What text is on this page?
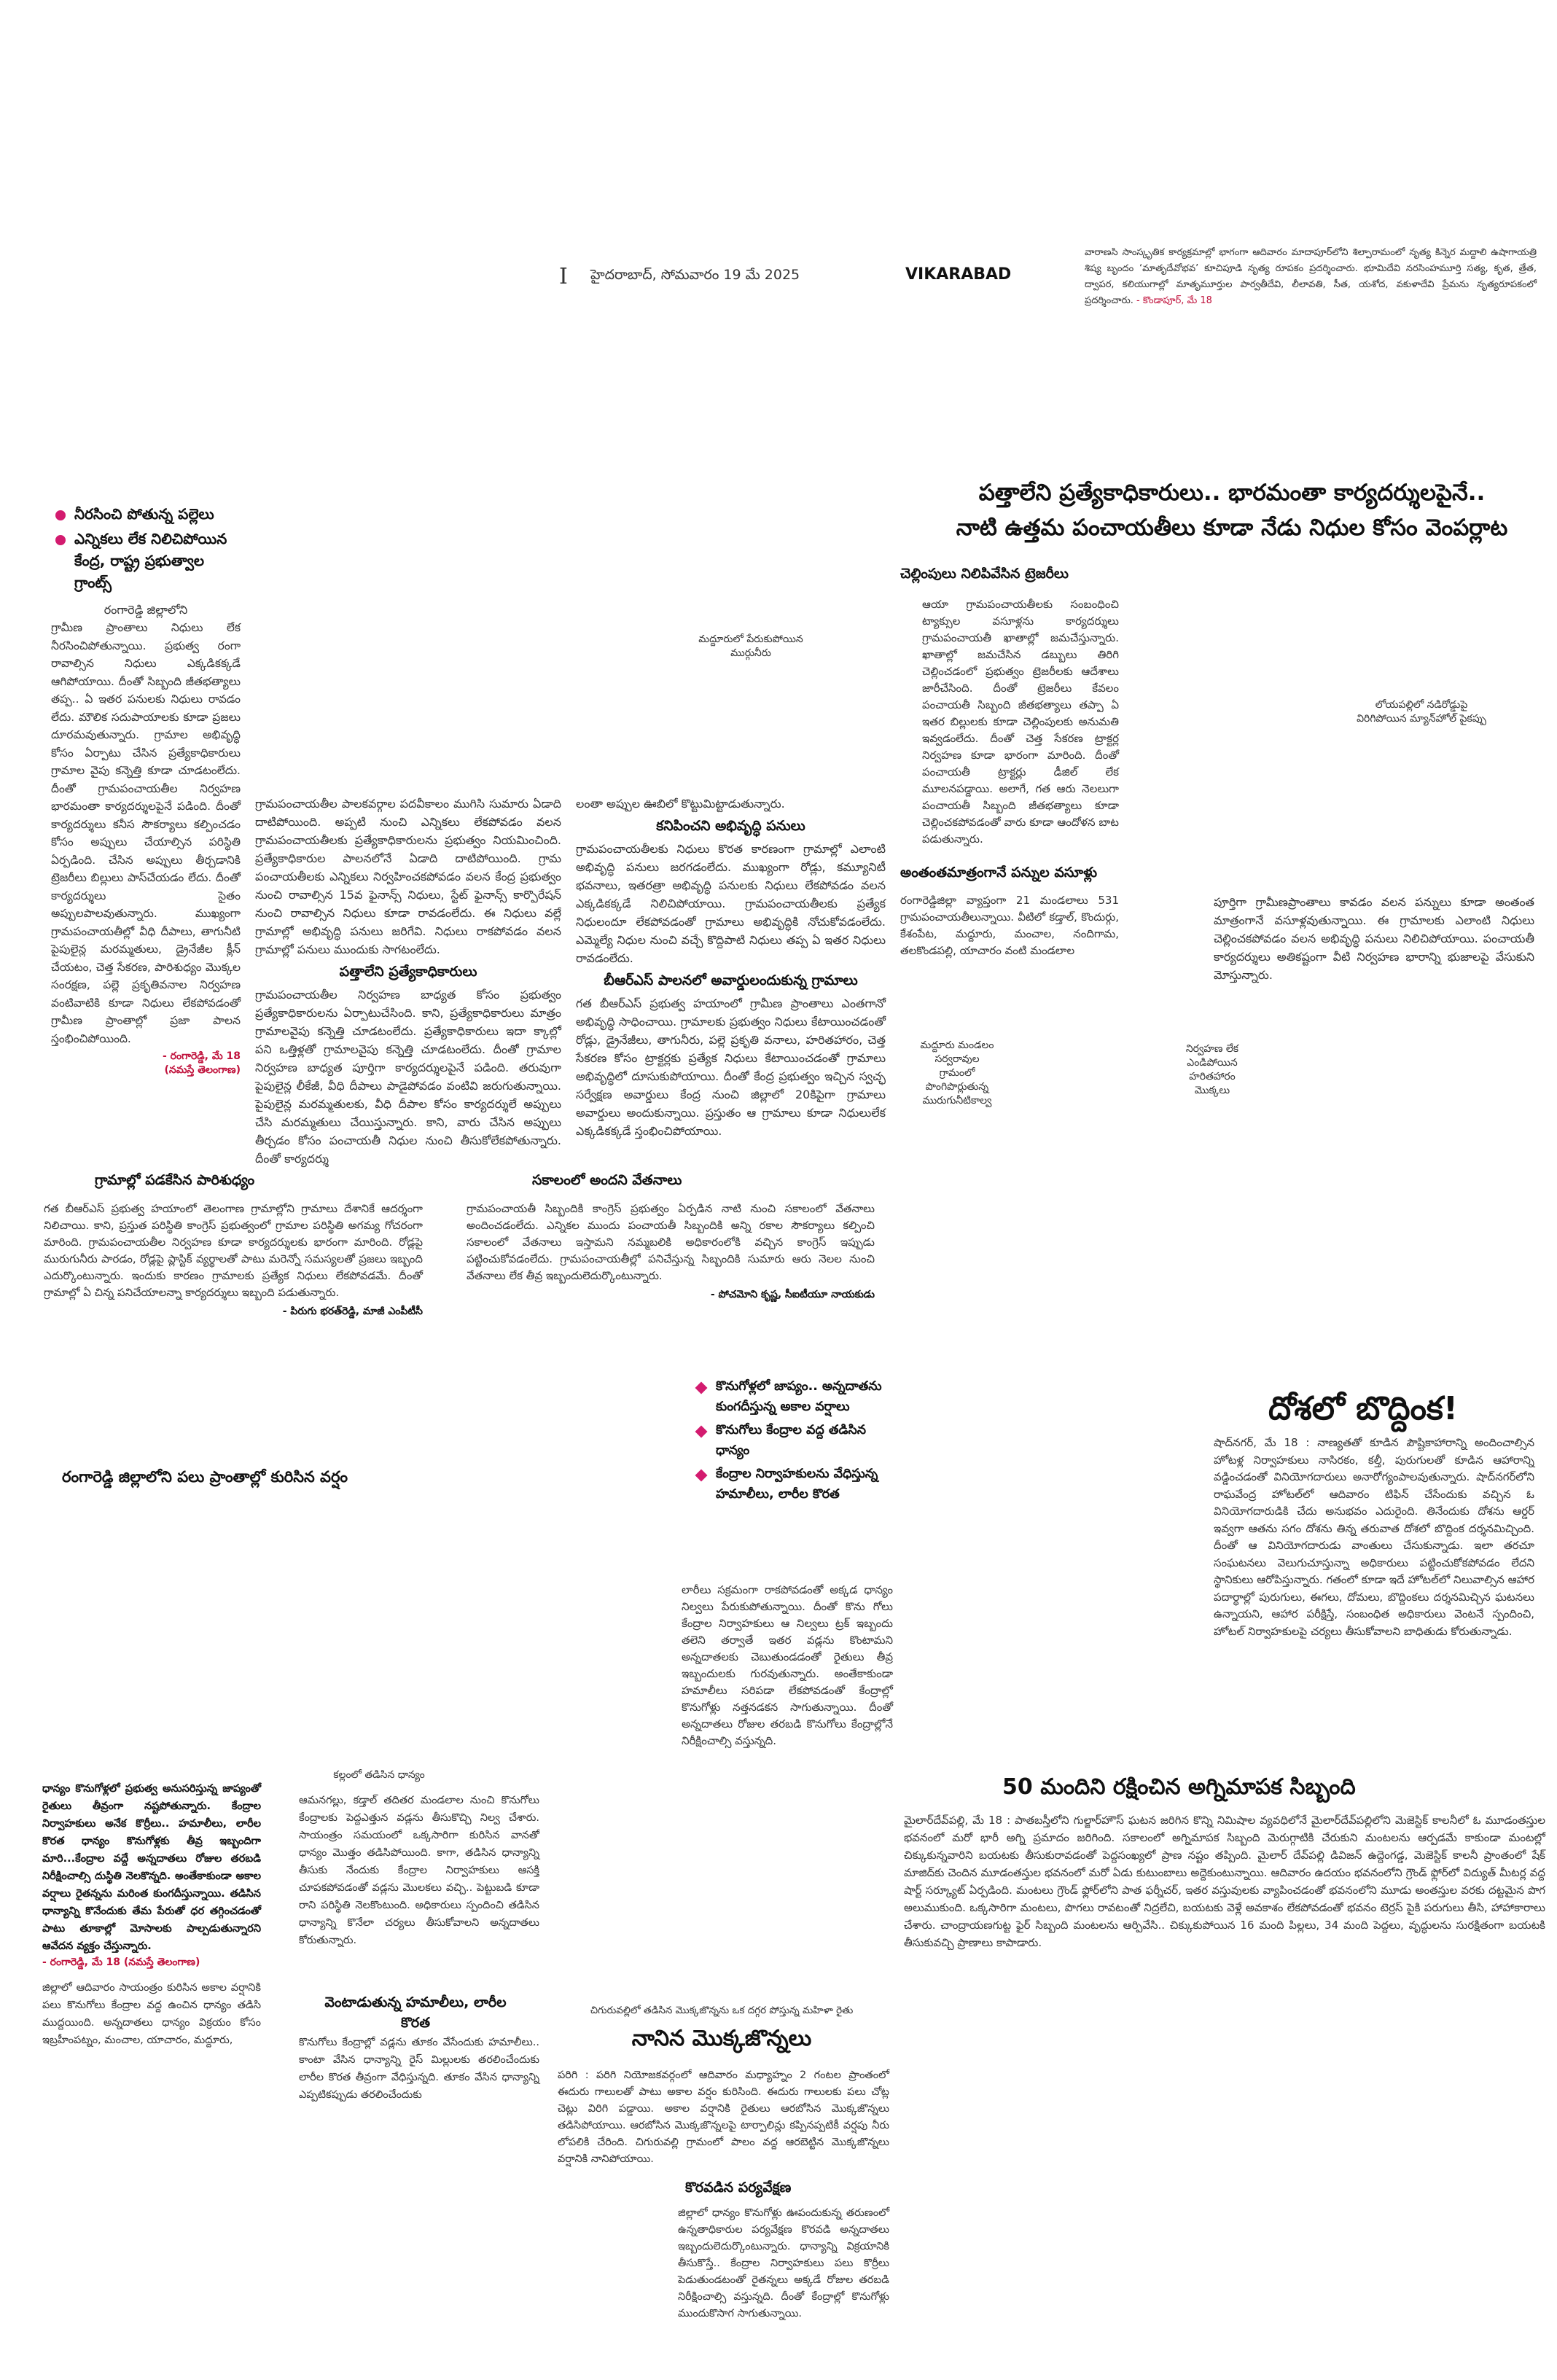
I హైదరాబాద్, సోమవారం 19 మే 2025	VIKARABAD
వారాణసి సాంస్కృతిక కార్యక్రమాల్లో భాగంగా ఆదివారం మాదాపూర్‌లోని శిల్పారామంలో నృత్య కిన్నెర మద్దాలి ఉషాగాయత్రి శిష్య బృందం ‘మాతృదేవోభవ’ కూచిపూడి నృత్య రూపకం ప్రదర్శించారు. భూమిదేవి నరసింహమూర్తి సత్య, కృత, త్రేత, ద్వాపర, కలియుగాల్లో మాతృమూర్తుల పార్వతీదేవి, లీలావతి, సీత, యశోద, వకుళాదేవి ప్రేమను నృత్యరూపకంలో ప్రదర్శించారు. - కొండాపూర్, మే 18
నీరసించి పోతున్న పల్లెలు
ఎన్నికలు లేక నిలిచిపోయిన కేంద్ర, రాష్ట్ర ప్రభుత్వాల గ్రాంట్స్
రంగారెడ్డి జిల్లాలోని
గ్రామీణ ప్రాంతాలు నిధులు లేక నీరసించిపోతున్నాయి. ప్రభుత్వ రంగా రావాల్సిన నిధులు ఎక్కడికక్కడే ఆగిపోయాయి. దీంతో సిబ్బంది జీతభత్యాలు తప్ప.. ఏ ఇతర పనులకు నిధులు రావడం లేదు. మౌలిక సదుపాయాలకు కూడా ప్రజలు దూరమవుతున్నారు. గ్రామాల అభివృద్ధి కోసం ఏర్పాటు చేసిన ప్రత్యేకాధికారులు గ్రామాల వైపు కన్నెత్తి కూడా చూడటంలేదు. దీంతో గ్రామపంచాయతీల నిర్వహణ భారమంతా కార్యదర్శులపైనే పడింది. దీంతో కార్యదర్శులు కనీస సౌకర్యాలు కల్పించడం కోసం అప్పులు చేయాల్సిన పరిస్థితి ఏర్పడింది. చేసిన అప్పులు తీర్చడానికి ట్రెజరీలు బిల్లులు పాస్‌చేయడం లేదు. దీంతో కార్యదర్శులు సైతం అప్పులపాలవుతున్నారు. ముఖ్యంగా గ్రామపంచాయతీల్లో వీధి దీపాలు, తాగునీటి పైపులైన్ల మరమ్మతులు, డ్రైనేజీల క్లీన్ చేయటం, చెత్త సేకరణ, పారిశుధ్యం మొక్కల సంరక్షణ, పల్లె ప్రకృతివనాల నిర్వహణ వంటివాటికి కూడా నిధులు లేకపోవడంతో గ్రామీణ ప్రాంతాల్లో ప్రజా పాలన స్తంభించిపోయింది.
- రంగారెడ్డి, మే 18
(నమస్తే తెలంగాణ)
పత్తాలేని ప్రత్యేకాధికారులు.. భారమంతా కార్యదర్శులపైనే..
నాటి ఉత్తమ పంచాయతీలు కూడా నేడు నిధుల కోసం వెంపర్లాట
మద్దూరులో పేరుకుపోయిన
ముర్గునీరు
లోయపల్లిలో నడిరోడ్డుపై
విరిగిపోయిన మ్యాన్‌హోల్ పైకప్పు

గ్రామపంచాయతీల పాలకవర్గాల పదవీకాలం ముగిసి సుమారు ఏడాది దాటిపోయింది. అప్పటి నుంచి ఎన్నికలు లేకపోవడం వలన గ్రామపంచాయతీలకు ప్రత్యేకాధికారులను ప్రభుత్వం నియమించింది. ప్రత్యేకాధికారుల పాలనలోనే ఏడాది దాటిపోయింది. గ్రామ పంచాయతీలకు ఎన్నికలు నిర్వహించకపోవడం వలన కేంద్ర ప్రభుత్వం నుంచి రావాల్సిన 15వ ఫైనాన్స్ నిధులు, స్టేట్ ఫైనాన్స్ కార్పొరేషన్ నుంచి రావాల్సిన నిధులు కూడా రావడంలేదు. ఈ నిధులు వల్లే గ్రామాల్లో అభివృద్ధి పనులు జరిగేవి. నిధులు రాకపోవడం వలన గ్రామాల్లో పనులు ముందుకు సాగటంలేదు.

పత్తాలేని ప్రత్యేకాధికారులు

గ్రామపంచాయతీల నిర్వహణ బాధ్యత కోసం ప్రభుత్వం ప్రత్యేకాధికారులను ఏర్పాటుచేసింది. కాని, ప్రత్యేకాధికారులు మాత్రం గ్రామాలవైపు కన్నెత్తి చూడటంలేదు. ప్రత్యేకాధికారులు ఇదా క్కాల్లో పని ఒత్తిళ్లతో గ్రామాలవైపు కన్నెత్తి చూడటంలేదు. దీంతో గ్రామాల నిర్వహణ బాధ్యత పూర్తిగా కార్యదర్శులపైనే పడింది. తరువుగా పైపులైన్ల లీకేజీ, వీధి దీపాలు పాడైపోవడం వంటివి జరుగుతున్నాయి. పైపులైన్ల మరమ్మతులకు, వీధి దీపాల కోసం కార్యదర్శులే అప్పులు చేసి మరమ్మతులు చేయిస్తున్నారు. కాని, వారు చేసిన అప్పులు తీర్చడం కోసం పంచాయతీ నిధుల నుంచి తీసుకోలేకపోతున్నారు. దీంతో కార్యదర్శు

లంతా అప్పుల ఊబిలో కొట్టుమిట్టాడుతున్నారు.

కనిపించని అభివృద్ధి పనులు

గ్రామపంచాయతీలకు నిధులు కొరత కారణంగా గ్రామాల్లో ఎలాంటి అభివృద్ధి పనులు జరగడంలేదు. ముఖ్యంగా రోడ్లు, కమ్యూనిటీ భవనాలు, ఇతరత్రా అభివృద్ధి పనులకు నిధులు లేకపోవడం వలన ఎక్కడికక్కడే నిలిచిపోయాయి. గ్రామపంచాయతీలకు ప్రత్యేక నిధులందూ లేకపోవడంతో గ్రామాలు అభివృద్ధికి నోచుకోవడంలేదు. ఎమ్మెల్యే నిధుల నుంచి వచ్చే కొద్దిపాటి నిధులు తప్ప ఏ ఇతర నిధులు రావడంలేదు.

బీఆర్‌ఎస్ పాలనలో అవార్డులందుకున్న గ్రామాలు

గత బీఆర్‌ఎస్ ప్రభుత్వ హయాంలో గ్రామీణ ప్రాంతాలు ఎంతగానో అభివృద్ధి సాధించాయి. గ్రామాలకు ప్రభుత్వం నిధులు కేటాయించడంతో రోడ్లు, డ్రైనేజీలు, తాగునీరు, పల్లె ప్రకృతి వనాలు, హరితహారం, చెత్త సేకరణ కోసం ట్రాక్టర్లకు ప్రత్యేక నిధులు కేటాయించడంతో గ్రామాలు అభివృద్ధిలో దూసుకుపోయాయి. దీంతో కేంద్ర ప్రభుత్వం ఇచ్చిన స్వచ్ఛ సర్వేక్షణ అవార్డులు కేంద్ర నుంచి జిల్లాలో 20కిపైగా గ్రామాలు అవార్డులు అందుకున్నాయి. ప్రస్తుతం ఆ గ్రామాలు కూడా నిధులులేక ఎక్కడికక్కడే స్తంభించిపోయాయి.

చెల్లింపులు నిలిపివేసిన ట్రెజరీలు

ఆయా గ్రామపంచాయతీలకు సంబంధించి ట్యాక్సుల వసూళ్లను కార్యదర్శులు గ్రామపంచాయతీ ఖాతాల్లో జమచేస్తున్నారు. ఖాతాల్లో జమచేసిన డబ్బులు తిరిగి చెల్లించడంలో ప్రభుత్వం ట్రెజరీలకు ఆదేశాలు జారీచేసింది. దీంతో ట్రెజరీలు కేవలం పంచాయతీ సిబ్బంది జీతభత్యాలు తప్పా ఏ ఇతర బిల్లులకు కూడా చెల్లింపులకు అనుమతి ఇవ్వడంలేదు. దీంతో చెత్త సేకరణ ట్రాక్టర్ల నిర్వహణ కూడా భారంగా మారింది. దీంతో పంచాయతీ ట్రాక్టర్లు డీజిల్ లేక మూలనపడ్డాయి. అలాగే, గత ఆరు నెలలుగా పంచాయతీ సిబ్బంది జీతభత్యాలు కూడా చెల్లించకపోవడంతో వారు కూడా ఆందోళన బాట పడుతున్నారు.

అంతంతమాత్రంగానే పన్నుల వసూళ్లు

రంగారెడ్డిజిల్లా వ్యాప్తంగా 21 మండలాలు 531 గ్రామపంచాయతీలున్నాయి. వీటిలో కడ్తాల్, కొందుర్గు, కేశంపేట, మద్దూరు, మంచాల, నందిగామ, తలకొండపల్లి, యాచారం వంటి మండలాల

పూర్తిగా గ్రామీణప్రాంతాలు కావడం వలన పన్నులు కూడా అంతంత మాత్రంగానే వసూళ్లవుతున్నాయి. ఈ గ్రామాలకు ఎలాంటి నిధులు చెల్లించకపోవడం వలన అభివృద్ధి పనులు నిలిచిపోయాయి. పంచాయతీ కార్యదర్శులు అతికష్టంగా వీటి నిర్వహణ భారాన్ని భుజాలపై వేసుకుని మోస్తున్నారు.

మద్దూరు మండలం
సర్వరావుల
గ్రామంలో
పొంగిపొర్లుతున్న
మురుగునీటికాల్వ
నిర్వహణ లేక
ఎండిపోయిన
హరితహారం
మొక్కలు
గ్రామాల్లో పడకేసిన పారిశుధ్యం
గత బీఆర్‌ఎస్ ప్రభుత్వ హయాంలో తెలంగాణ గ్రామాల్లోని గ్రామాలు దేశానికే ఆదర్శంగా నిలిచాయి. కాని, ప్రస్తుత పరిస్థితి కాంగ్రెస్ ప్రభుత్వంలో గ్రామాల పరిస్థితి అగమ్య గోచరంగా మారింది. గ్రామపంచాయతీల నిర్వహణ కూడా కార్యదర్శులకు భారంగా మారింది. రోడ్లపై మురుగునీరు పారడం, రోడ్లపై ప్లాస్టిక్ వ్యర్థాలతో పాటు మరెన్నో సమస్యలతో ప్రజలు ఇబ్బంది ఎదుర్కొంటున్నారు. ఇందుకు కారణం గ్రామాలకు ప్రత్యేక నిధులు లేకపోవడమే. దీంతో గ్రామాల్లో ఏ చిన్న పనిచేయాలన్నా కార్యదర్శులు ఇబ్బంది పడుతున్నారు.
- పిరుగు భరత్‌రెడ్డి, మాజీ ఎంపీటీసీ
సకాలంలో అందని వేతనాలు
గ్రామపంచాయతీ సిబ్బందికి కాంగ్రెస్ ప్రభుత్వం ఏర్పడిన నాటి నుంచి సకాలంలో వేతనాలు అందించడంలేదు. ఎన్నికల ముందు పంచాయతీ సిబ్బందికి అన్ని రకాల సౌకర్యాలు కల్పించి సకాలంలో వేతనాలు ఇస్తామని నమ్మబలికి అధికారంలోకి వచ్చిన కాంగ్రెస్ ఇప్పుడు పట్టించుకోవడంలేదు. గ్రామపంచాయతీల్లో పనిచేస్తున్న సిబ్బందికి సుమారు ఆరు నెలల నుంచి వేతనాలు లేక తీవ్ర ఇబ్బందులెదుర్కొంటున్నారు.
- పోచమోని కృష్ణ, సీఐటీయూ నాయకుడు
రంగారెడ్డి జిల్లాలోని పలు ప్రాంతాల్లో కురిసిన వర్షం
కొనుగోళ్లలో జాప్యం.. అన్నదాతను కుంగదీస్తున్న అకాల వర్షాలు
కొనుగోలు కేంద్రాల వద్ద తడిసిన ధాన్యం
కేంద్రాల నిర్వాహకులను వేధిస్తున్న హమాలీలు, లారీల కొరత
లారీలు సక్రమంగా రాకపోవడంతో అక్కడ ధాన్యం నిల్వలు పేరుకుపోతున్నాయి. దీంతో కొను గోలు కేంద్రాల నిర్వాహకులు ఆ నిల్వలు ట్రక్ ఇబ్బందు తలెని తర్వాతే ఇతర వడ్లను కొంటామని అన్నదాతలకు చెబుతుండడంతో రైతులు తీవ్ర ఇబ్బందులకు గురవుతున్నారు. అంతేకాకుండా హమాలీలు సరిపడా లేకపోవడంతో కేంద్రాల్లో కొనుగోళ్లు నత్తనడకన సాగుతున్నాయి. దీంతో అన్నదాతలు రోజుల తరబడి కొనుగోలు కేంద్రాల్లోనే నిరీక్షించాల్సి వస్తున్నది.
ధాన్యం కొనుగోళ్లలో ప్రభుత్వ అనుసరిస్తున్న జాప్యంతో రైతులు తీవ్రంగా నష్టపోతున్నారు. కేంద్రాల నిర్వాహకులు అనేక కొర్రీలు.. హమాలీలు, లారీల కొరత ధాన్యం కొనుగోళ్లకు తీవ్ర ఇబ్బందిగా మారి...కేంద్రాల వద్దే అన్నదాతలు రోజుల తరబడి నిరీక్షించాల్సి దుస్థితి నెలకొన్నది. అంతేకాకుండా అకాల వర్షాలు రైతన్నను మరింత కుంగదీస్తున్నాయి. తడిసిన ధాన్యాన్ని కొనేందుకు తేమ పేరుతో ధర తగ్గించడంతో పాటు తూకాల్లో మోసాలకు పాల్పడుతున్నారని ఆవేదన వ్యక్తం చేస్తున్నారు.
- రంగారెడ్డి, మే 18 (నమస్తే తెలంగాణ)
జిల్లాలో ఆదివారం సాయంత్రం కురిసిన అకాల వర్షానికి పలు కొనుగోలు కేంద్రాల వద్ద ఉంచిన ధాన్యం తడిసి ముద్దయింది. అన్నదాతలు ధాన్యం విక్రయం కోసం ఇబ్రహీంపట్నం, మంచాల, యాచారం, మద్దూరు,
కల్లంలో తడిసిన ధాన్యం
ఆమనగల్లు, కడ్తాల్ తదితర మండలాల నుంచి కొనుగోలు కేంద్రాలకు పెద్దఎత్తున వడ్లను తీసుకొచ్చి నిల్వ చేశారు. సాయంత్రం సమయంలో ఒక్కసారిగా కురిసిన వానతో ధాన్యం మొత్తం తడిసిపోయింది. కాగా, తడిసిన ధాన్యాన్ని తీసుకు నేందుకు కేంద్రాల నిర్వాహకులు ఆసక్తి చూపకపోవడంతో వడ్లను మొలకలు వచ్చి.. పెట్టుబడి కూడా రాని పరిస్థితి నెలకొంటుంది. అధికారులు స్పందించి తడిసిన ధాన్యాన్ని కొనేలా చర్యలు తీసుకోవాలని అన్నదాతలు కోరుతున్నారు.
వెంటాడుతున్న హమాలీలు, లారీల కొరత
కొనుగోలు కేంద్రాల్లో వడ్లను తూకం వేసేందుకు హమాలీలు.. కాంటా వేసిన ధాన్యాన్ని రైస్ మిల్లులకు తరలించేందుకు లారీల కొరత తీవ్రంగా వేధిస్తున్నది. తూకం వేసిన ధాన్యాన్ని ఎప్పటికప్పుడు తరలించేందుకు
దోశలో బొద్దింక!
షాద్‌నగర్, మే 18 : నాణ్యతతో కూడిన పౌష్టికాహారాన్ని అందించాల్సిన హోటళ్ల నిర్వాహకులు నాసిరకం, కల్తీ, పురుగులతో కూడిన ఆహారాన్ని వడ్డించడంతో వినియోగదారులు అనారోగ్యంపాలవుతున్నారు. షాద్‌నగర్‌లోని రాఘవేంద్ర హోటల్‌లో ఆదివారం టిఫిన్ చేసేందుకు వచ్చిన ఓ వినియోగదారుడికి చేదు అనుభవం ఎదురైంది. తినేందుకు దోశను ఆర్డర్ ఇవ్వగా ఆతను సగం దోశను తిన్న తరువాత దోశలో బొద్దింక దర్శనమిచ్చింది. దీంతో ఆ వినియోగదారుడు వాంతులు చేసుకున్నాడు. ఇలా తరచూ సంఘటనలు వెలుగుచూస్తున్నా అధికారులు పట్టించుకోకపోవడం లేదని స్థానికులు ఆరోపిస్తున్నారు. గతంలో కూడా ఇదే హోటల్‌లో నిలువాల్సిన ఆహార పదార్థాల్లో పురుగులు, ఈగలు, దోమలు, బొద్దింకలు దర్శనమిచ్చిన ఘటనలు ఉన్నాయని, ఆహార పరీక్షిస్తే, సంబంధిత అధికారులు వెంటనే స్పందించి, హోటల్ నిర్వాహకులపై చర్యలు తీసుకోవాలని బాధితుడు కోరుతున్నాడు.
50 మందిని రక్షించిన అగ్నిమాపక సిబ్బంది
మైలార్‌దేవ్‌పల్లి, మే 18 : పాతబస్తీలోని గుల్జార్‌హౌస్ ఘటన జరిగిన కొన్ని నిమిషాల వ్యవధిలోనే మైలార్‌దేవ్‌పల్లిలోని మెజెస్టిక్ కాలనీలో ఓ మూడంతస్తుల భవనంలో మరో భారీ అగ్ని ప్రమాదం జరిగింది. సకాలంలో అగ్నిమాపక సిబ్బంది మెరుగ్గాటికి చేరుకుని మంటలను ఆర్పడమే కాకుండా మంటల్లో చిక్కుకున్నవారిని బయటకు తీసుకురావడంతో పెద్దసంఖ్యలో ప్రాణ నష్టం తప్పింది. మైలార్ దేవ్‌పల్లి డివిజన్ ఉద్దెంగడ్డ, మెజెస్టిక్ కాలనీ ప్రాంతంలో షేక్ మాజిద్‌కు చెందిన మూడంతస్తుల భవనంలో మరో ఏడు కుటుంబాలు అద్దెకుంటున్నాయి. ఆదివారం ఉదయం భవనంలోని గ్రౌండ్ ఫ్లోర్‌లో విద్యుత్ మీటర్ల వద్ద షార్ట్ సర్క్యూట్ ఏర్పడింది. మంటలు గ్రౌండ్ ఫ్లోర్‌లోని పాత ఫర్నీచర్, ఇతర వస్తువులకు వ్యాపించడంతో భవనంలోని మూడు అంతస్తుల వరకు దట్టమైన పొగ అలుముకుంది. ఒక్కసారిగా మంటలు, పొగలు రావటంతో నిద్రలేచి, బయటకు వెళ్లే అవకాశం లేకపోవడంతో భవనం టెర్రస్ పైకి పరుగులు తీసి, హాహాకారాలు చేశారు. చాంద్రాయణగుట్ట ఫైర్ సిబ్బంది మంటలను ఆర్పివేసి.. చిక్కుకుపోయిన 16 మంది పిల్లలు, 34 మంది పెద్దలు, వృద్ధులను సురక్షితంగా బయటకి తీసుకువచ్చి ప్రాణాలు కాపాడారు.
చిగురువల్లిలో తడిసిన మొక్కజొన్నను ఒక దగ్గర పోస్తున్న మహిళా రైతు
నానిన మొక్కజొన్నలు
పరిగి : పరిగి నియోజకవర్గంలో ఆదివారం మధ్యాహ్నం 2 గంటల ప్రాంతంలో ఈదురు గాలులతో పాటు అకాల వర్షం కురిసింది. ఈదురు గాలులకు పలు చోట్ల చెట్లు విరిగి పడ్డాయి. అకాల వర్షానికి రైతులు ఆరబోసిన మొక్కజొన్నలు తడిసిపోయాయి. ఆరబోసిన మొక్కజొన్నలపై టార్పాలిన్లు కప్పినప్పటికీ వర్షపు నీరు లోపలికి చేరింది. చిగురువల్లి గ్రామంలో పాలం వద్ద ఆరబెట్టిన మొక్కజొన్నలు వర్షానికి నానిపోయాయి.
కొరవడిన పర్యవేక్షణ
జిల్లాలో ధాన్యం కొనుగోళ్లు ఊపందుకున్న తరుణంలో ఉన్నతాధికారుల పర్యవేక్షణ కొరవడి అన్నదాతలు ఇబ్బందులెదుర్కొంటున్నారు. ధాన్యాన్ని విక్రయానికి తీసుకొస్తే.. కేంద్రాల నిర్వాహకులు పలు కొర్రీలు పెడుతుండటంతో రైతన్నలు అక్కడే రోజుల తరబడి నిరీక్షించాల్సి వస్తున్నది. దీంతో కేంద్రాల్లో కొనుగోళ్లు ముందుకొసాగ సాగుతున్నాయి.
